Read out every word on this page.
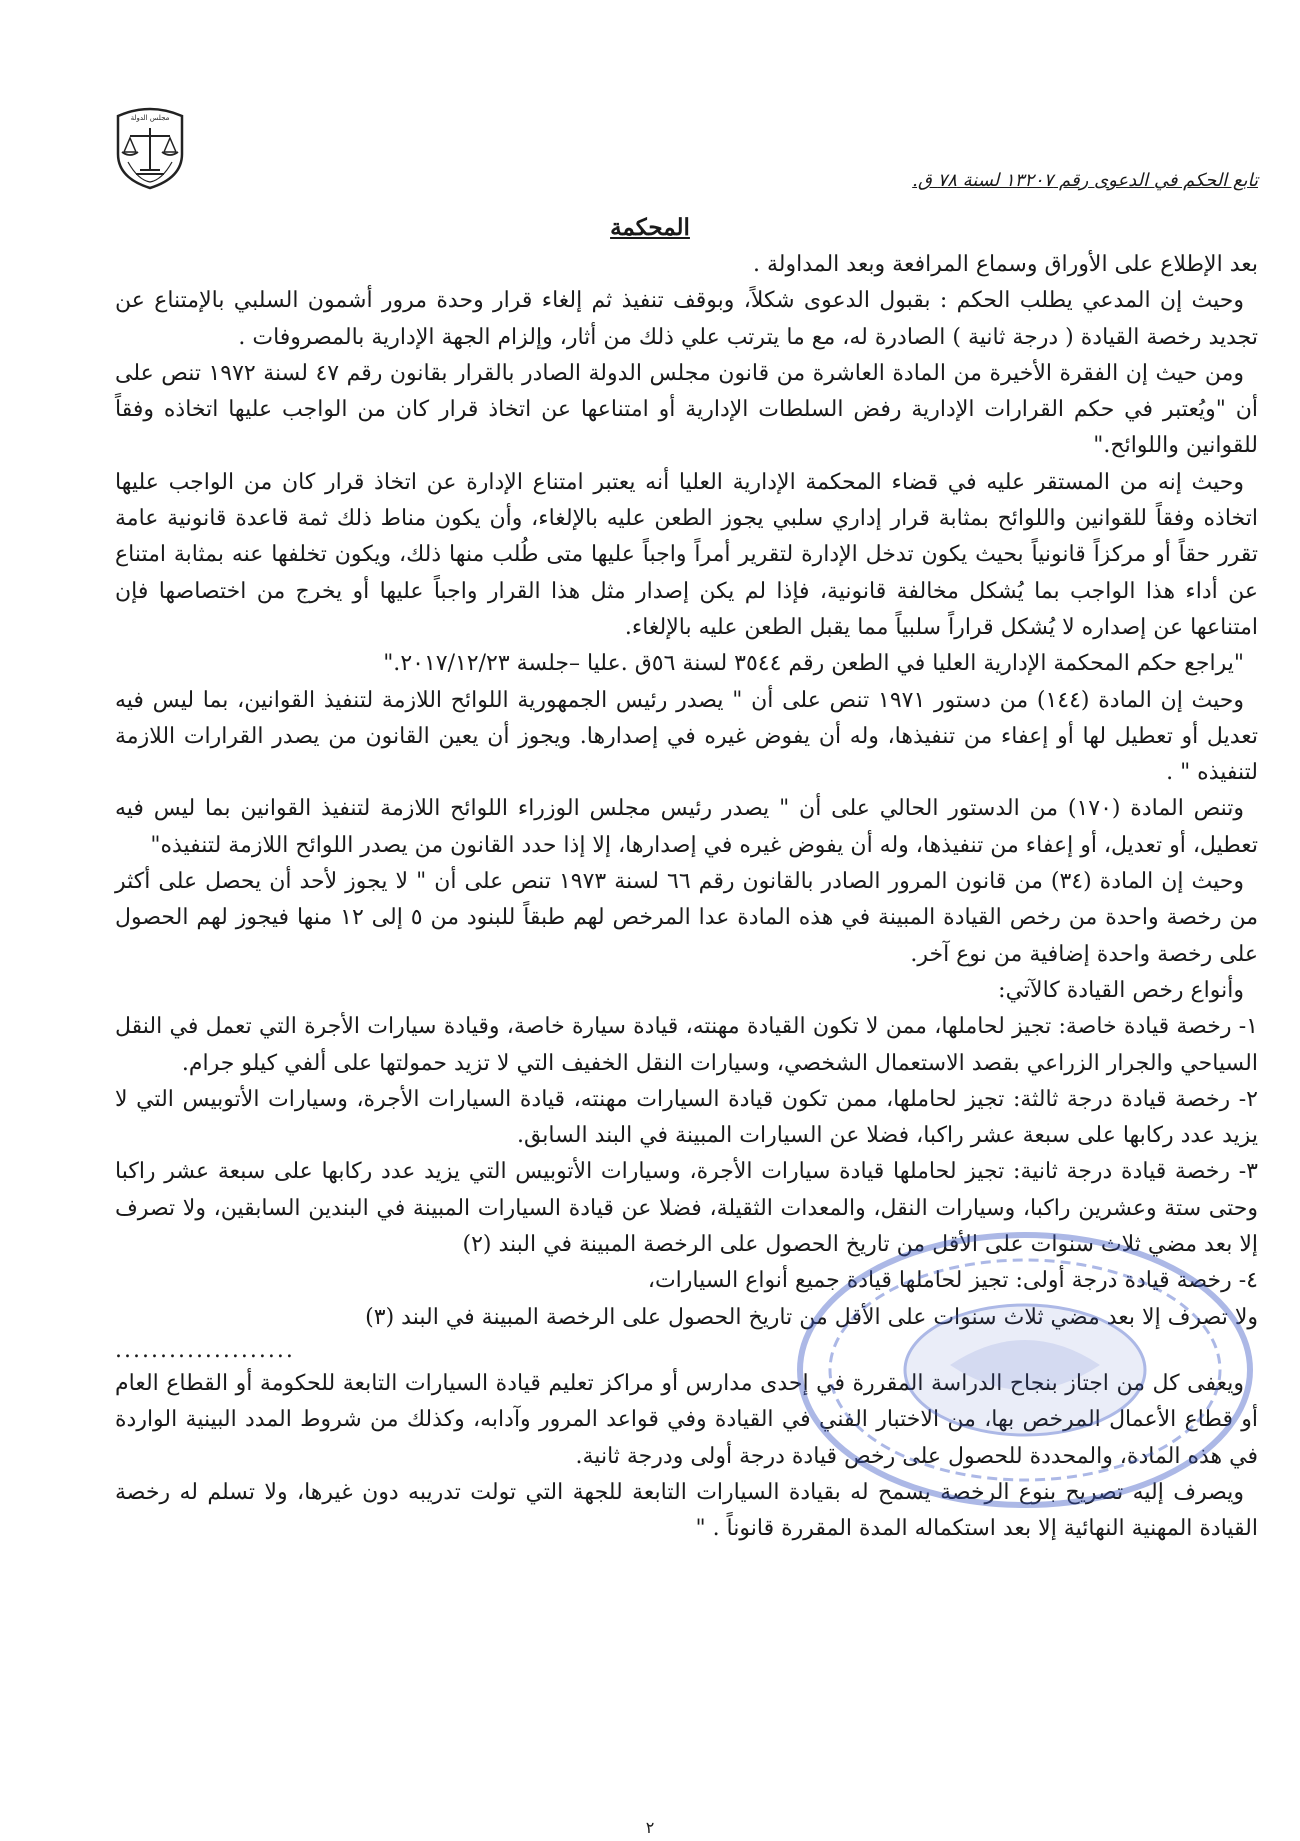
مجلس الدولة
تابع الحكم في الدعوى رقم ١٣٢٠٧ لسنة ٧٨ ق.
المحكمة

بعد الإطلاع على الأوراق وسماع المرافعة وبعد المداولة .

وحيث إن المدعي يطلب الحكم : بقبول الدعوى شكلاً، وبوقف تنفيذ ثم إلغاء قرار وحدة مرور أشمون السلبي بالإمتناع عن تجديد رخصة القيادة ( درجة ثانية ) الصادرة له، مع ما يترتب علي ذلك من أثار، وإلزام الجهة الإدارية بالمصروفات .

ومن حيث إن الفقرة الأخيرة من المادة العاشرة من قانون مجلس الدولة الصادر بالقرار بقانون رقم ٤٧ لسنة ١٩٧٢ تنص على أن "ويُعتبر في حكم القرارات الإدارية رفض السلطات الإدارية أو امتناعها عن اتخاذ قرار كان من الواجب عليها اتخاذه وفقاً للقوانين واللوائح."

وحيث إنه من المستقر عليه في قضاء المحكمة الإدارية العليا أنه يعتبر امتناع الإدارة عن اتخاذ قرار كان من الواجب عليها اتخاذه وفقاً للقوانين واللوائح بمثابة قرار إداري سلبي يجوز الطعن عليه بالإلغاء، وأن يكون مناط ذلك ثمة قاعدة قانونية عامة تقرر حقاً أو مركزاً قانونياً بحيث يكون تدخل الإدارة لتقرير أمراً واجباً عليها متى طُلب منها ذلك، ويكون تخلفها عنه بمثابة امتناع عن أداء هذا الواجب بما يُشكل مخالفة قانونية، فإذا لم يكن إصدار مثل هذا القرار واجباً عليها أو يخرج من اختصاصها فإن امتناعها عن إصداره لا يُشكل قراراً سلبياً مما يقبل الطعن عليه بالإلغاء.

"يراجع حكم المحكمة الإدارية العليا في الطعن رقم ٣٥٤٤ لسنة ٥٦ق .عليا –جلسة ٢٠١٧/١٢/٢٣."

وحيث إن المادة (١٤٤) من دستور ١٩٧١ تنص على أن " يصدر رئيس الجمهورية اللوائح اللازمة لتنفيذ القوانين، بما ليس فيه تعديل أو تعطيل لها أو إعفاء من تنفيذها، وله أن يفوض غيره في إصدارها. ويجوز أن يعين القانون من يصدر القرارات اللازمة لتنفيذه " .

وتنص المادة (١٧٠) من الدستور الحالي على أن " يصدر رئيس مجلس الوزراء اللوائح اللازمة لتنفيذ القوانين بما ليس فيه تعطيل، أو تعديل، أو إعفاء من تنفيذها، وله أن يفوض غيره في إصدارها، إلا إذا حدد القانون من يصدر اللوائح اللازمة لتنفيذه"

وحيث إن المادة (٣٤) من قانون المرور الصادر بالقانون رقم ٦٦ لسنة ١٩٧٣ تنص على أن " لا يجوز لأحد أن يحصل على أكثر من رخصة واحدة من رخص القيادة المبينة في هذه المادة عدا المرخص لهم طبقاً للبنود من ٥ إلى ١٢ منها فيجوز لهم الحصول على رخصة واحدة إضافية من نوع آخر.

وأنواع رخص القيادة كالآتي:

١- رخصة قيادة خاصة: تجيز لحاملها، ممن لا تكون القيادة مهنته، قيادة سيارة خاصة، وقيادة سيارات الأجرة التي تعمل في النقل السياحي والجرار الزراعي بقصد الاستعمال الشخصي، وسيارات النقل الخفيف التي لا تزيد حمولتها على ألفي كيلو جرام.

٢- رخصة قيادة درجة ثالثة: تجيز لحاملها، ممن تكون قيادة السيارات مهنته، قيادة السيارات الأجرة، وسيارات الأتوبيس التي لا يزيد عدد ركابها على سبعة عشر راكبا، فضلا عن السيارات المبينة في البند السابق.

٣- رخصة قيادة درجة ثانية: تجيز لحاملها قيادة سيارات الأجرة، وسيارات الأتوبيس التي يزيد عدد ركابها على سبعة عشر راكبا وحتى ستة وعشرين راكبا، وسيارات النقل، والمعدات الثقيلة، فضلا عن قيادة السيارات المبينة في البندين السابقين، ولا تصرف إلا بعد مضي ثلاث سنوات على الأقل من تاريخ الحصول على الرخصة المبينة في البند (٢)

٤- رخصة قيادة درجة أولى: تجيز لحاملها قيادة جميع أنواع السيارات،

ولا تصرف إلا بعد مضي ثلاث سنوات على الأقل من تاريخ الحصول على الرخصة المبينة في البند (٣)

....................

ويعفى كل من اجتاز بنجاح الدراسة المقررة في إحدى مدارس أو مراكز تعليم قيادة السيارات التابعة للحكومة أو القطاع العام أو قطاع الأعمال المرخص بها، من الاختبار الفني في القيادة وفي قواعد المرور وآدابه، وكذلك من شروط المدد البينية الواردة في هذه المادة، والمحددة للحصول على رخص قيادة درجة أولى ودرجة ثانية.

ويصرف إليه تصريح بنوع الرخصة يسمح له بقيادة السيارات التابعة للجهة التي تولت تدريبه دون غيرها، ولا تسلم له رخصة القيادة المهنية النهائية إلا بعد استكماله المدة المقررة قانوناً . "

٢
